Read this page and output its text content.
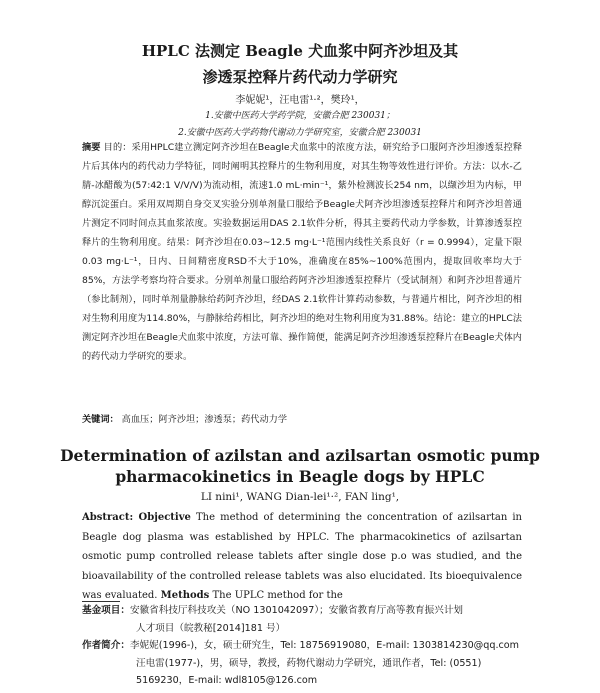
HPLC 法测定 Beagle 犬血浆中阿齐沙坦及其
渗透泵控释片药代动力学研究
李妮妮¹，汪电雷¹·²，樊玲¹，
1.安徽中医药大学药学院，安徽合肥 230031；
2.安徽中医药大学药物代谢动力学研究室，安徽合肥 230031
摘要 目的：采用HPLC建立测定阿齐沙坦在Beagle犬血浆中的浓度方法，研究给予口服阿齐沙坦渗透泵控释片后其体内的药代动力学特征，同时阐明其控释片的生物利用度，对其生物等效性进行评价。方法：以水-乙腈-冰醋酸为(57:42:1 V/V/V)为流动相，流速1.0 mL·min⁻¹，紫外检测波长254 nm，以缬沙坦为内标，甲醇沉淀蛋白。采用双周期自身交叉实验分别单剂量口服给予Beagle犬阿齐沙坦渗透泵控释片和阿齐沙坦普通片测定不同时间点其血浆浓度。实验数据运用DAS 2.1软件分析，得其主要药代动力学参数，计算渗透泵控释片的生物利用度。结果：阿齐沙坦在0.03~12.5 mg·L⁻¹范围内线性关系良好（r = 0.9994），定量下限0.03 mg·L⁻¹，日内、日间精密度RSD不大于10%，准确度在85%~100%范围内，提取回收率均大于85%，方法学考察均符合要求。分别单剂量口服给药阿齐沙坦渗透泵控释片（受试制剂）和阿齐沙坦普通片（参比制剂），同时单剂量静脉给药阿齐沙坦，经DAS 2.1软件计算药动参数，与普通片相比，阿齐沙坦的相对生物利用度为114.80%，与静脉给药相比，阿齐沙坦的绝对生物利用度为31.88%。结论：建立的HPLC法测定阿齐沙坦在Beagle犬血浆中浓度，方法可靠、操作简便，能满足阿齐沙坦渗透泵控释片在Beagle犬体内的药代动力学研究的要求。
关键词： 高血压；阿齐沙坦；渗透泵；药代动力学
Determination of azilstan and azilsartan osmotic pump
pharmacokinetics in Beagle dogs by HPLC
LI nini¹, WANG Dian-lei¹·², FAN ling¹,
Abstract: Objective The method of determining the concentration of azilsartan in Beagle dog plasma was established by HPLC. The pharmacokinetics of azilsartan osmotic pump controlled release tablets after single dose p.o was studied, and the bioavailability of the controlled release tablets was also elucidated. Its bioequivalence was evaluated. Methods The UPLC method for the
基金项目：安徽省科技厅科技攻关（NO 1301042097）；安徽省教育厅高等教育振兴计划
人才项目（皖教秘[2014]181 号）
作者简介：李妮妮(1996-)，女，硕士研究生，Tel: 18756919080，E-mail: 1303814230@qq.com
汪电雷(1977-)，男，硕导，教授，药物代谢动力学研究，通讯作者，Tel: (0551)
5169230，E-mail: wdl8105@126.com
